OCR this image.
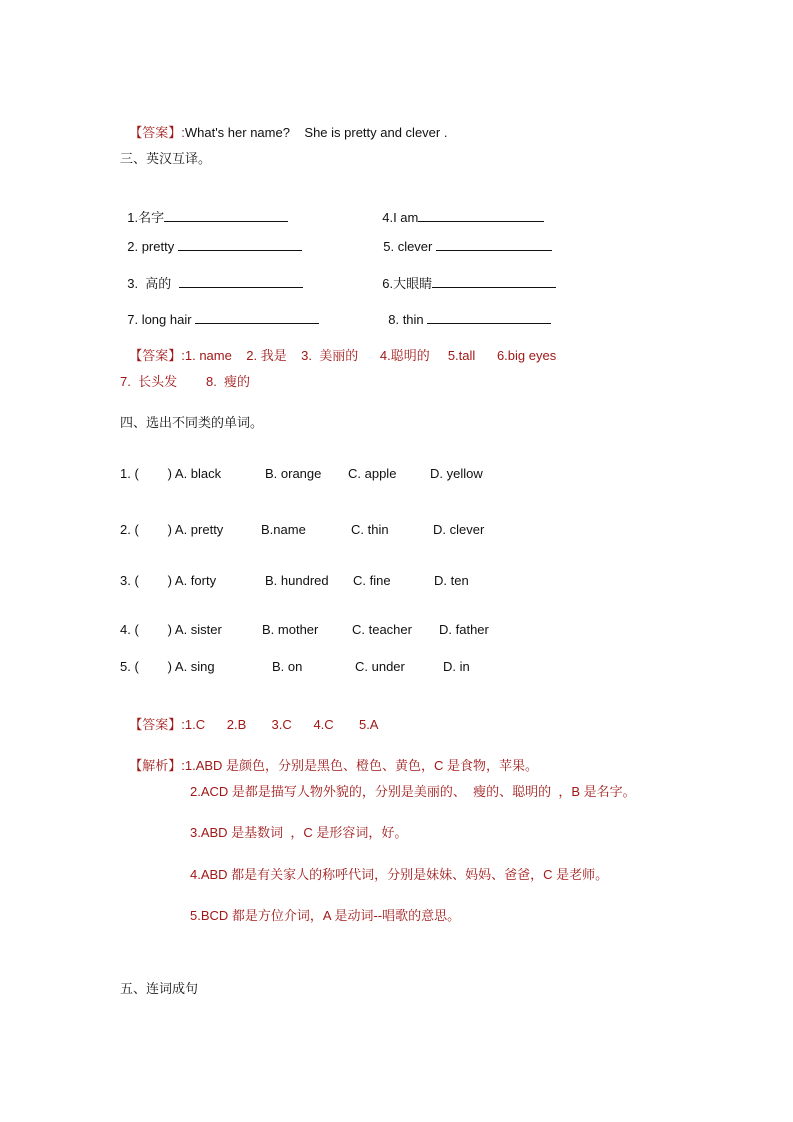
【答案】:What's her name?    She is pretty and clever .

三、英汉互译。

1.名字	4.I am

2. pretty	5. clever

3.  高的	6.大眼睛

7. long hair	8. thin

【答案】:1. name    2. 我是    3.  美丽的      4.聪明的     5.tall      6.big eyes

7.  长头发        8.  瘦的
四、选出不同类的单词。
1. (        ) A. black	B. orange C. apple	D. yellow
2. (        ) A. pretty	B.name	C. thin	D. clever
3. (        ) A. forty	B. hundred C. fine	D. ten
4. (        ) A. sister	B. mother	C. teacher D. father
5. (        ) A. sing	B. on	C. under	D. in

【答案】:1.C      2.B       3.C      4.C       5.A

【解析】:1.ABD 是颜色，分别是黑色、橙色、黄色，C 是食物，苹果。

2.ACD 是都是描写人物外貌的，分别是美丽的、  瘦的、聪明的  ，B 是名字。
3.ABD 是基数词  ，C 是形容词，好。
4.ABD 都是有关家人的称呼代词，分别是妹妹、妈妈、爸爸，C 是老师。
5.BCD 都是方位介词，A 是动词--唱歌的意思。
五、连词成句
